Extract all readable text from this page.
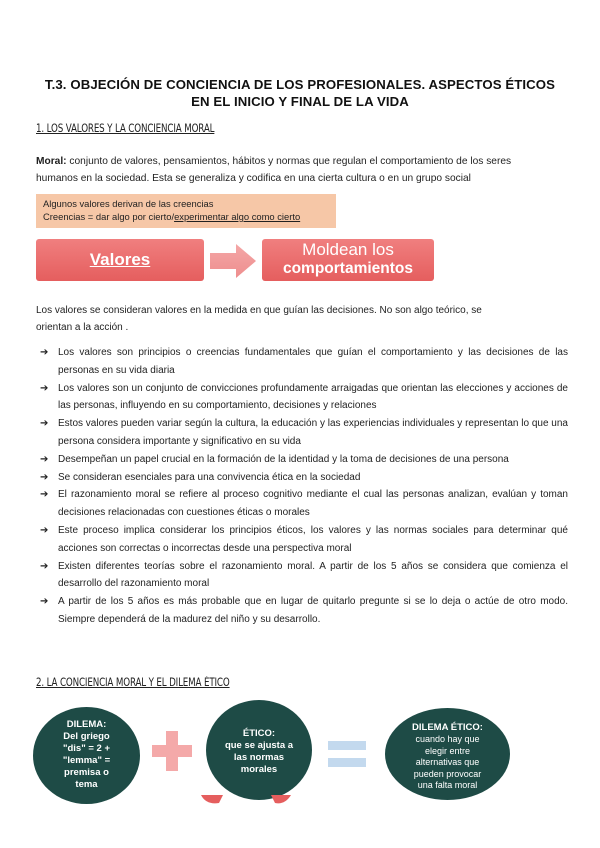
T.3. OBJECIÓN DE CONCIENCIA DE LOS PROFESIONALES. ASPECTOS ÉTICOS
EN EL INICIO Y FINAL DE LA VIDA
1. LOS VALORES Y LA CONCIENCIA MORAL
Moral: conjunto de valores, pensamientos, hábitos y normas que regulan el comportamiento de los seres
humanos en la sociedad. Esta se generaliza y codifica en una cierta cultura o en un grupo social
Algunos valores derivan de las creencias
Creencias = dar algo por cierto/experimentar algo como cierto
Valores
Moldean los
comportamientos
Los valores se consideran valores en la medida en que guían las decisiones. No son algo teórico, se
orientan a la acción .
➔ Los valores son principios o creencias fundamentales que guían el comportamiento y las decisiones de las personas en su vida diaria
➔ Los valores son un conjunto de convicciones profundamente arraigadas que orientan las elecciones y acciones de las personas, influyendo en su comportamiento, decisiones y relaciones
➔ Estos valores pueden variar según la cultura, la educación y las experiencias individuales y representan lo que una persona considera importante y significativo en su vida
➔ Desempeñan un papel crucial en la formación de la identidad y la toma de decisiones de una persona
➔ Se consideran esenciales para una convivencia ética en la sociedad
➔ El razonamiento moral se refiere al proceso cognitivo mediante el cual las personas analizan, evalúan y toman decisiones relacionadas con cuestiones éticas o morales
➔ Este proceso implica considerar los principios éticos, los valores y las normas sociales para determinar qué acciones son correctas o incorrectas desde una perspectiva moral
➔ Existen diferentes teorías sobre el razonamiento moral. A partir de los 5 años se considera que comienza el desarrollo del razonamiento moral
➔ A partir de los 5 años es más probable que en lugar de quitarlo pregunte si se lo deja o actúe de otro modo. Siempre dependerá de la madurez del niño y su desarrollo.
2. LA CONCIENCIA MORAL Y EL DILEMA ÉTICO
DILEMA:
Del griego
"dis" = 2 +
"lemma" =
premisa o
tema
ÉTICO:
que se ajusta a
las normas
morales
DILEMA ÉTICO:
cuando hay que
elegir entre
alternativas que
pueden provocar
una falta moral
